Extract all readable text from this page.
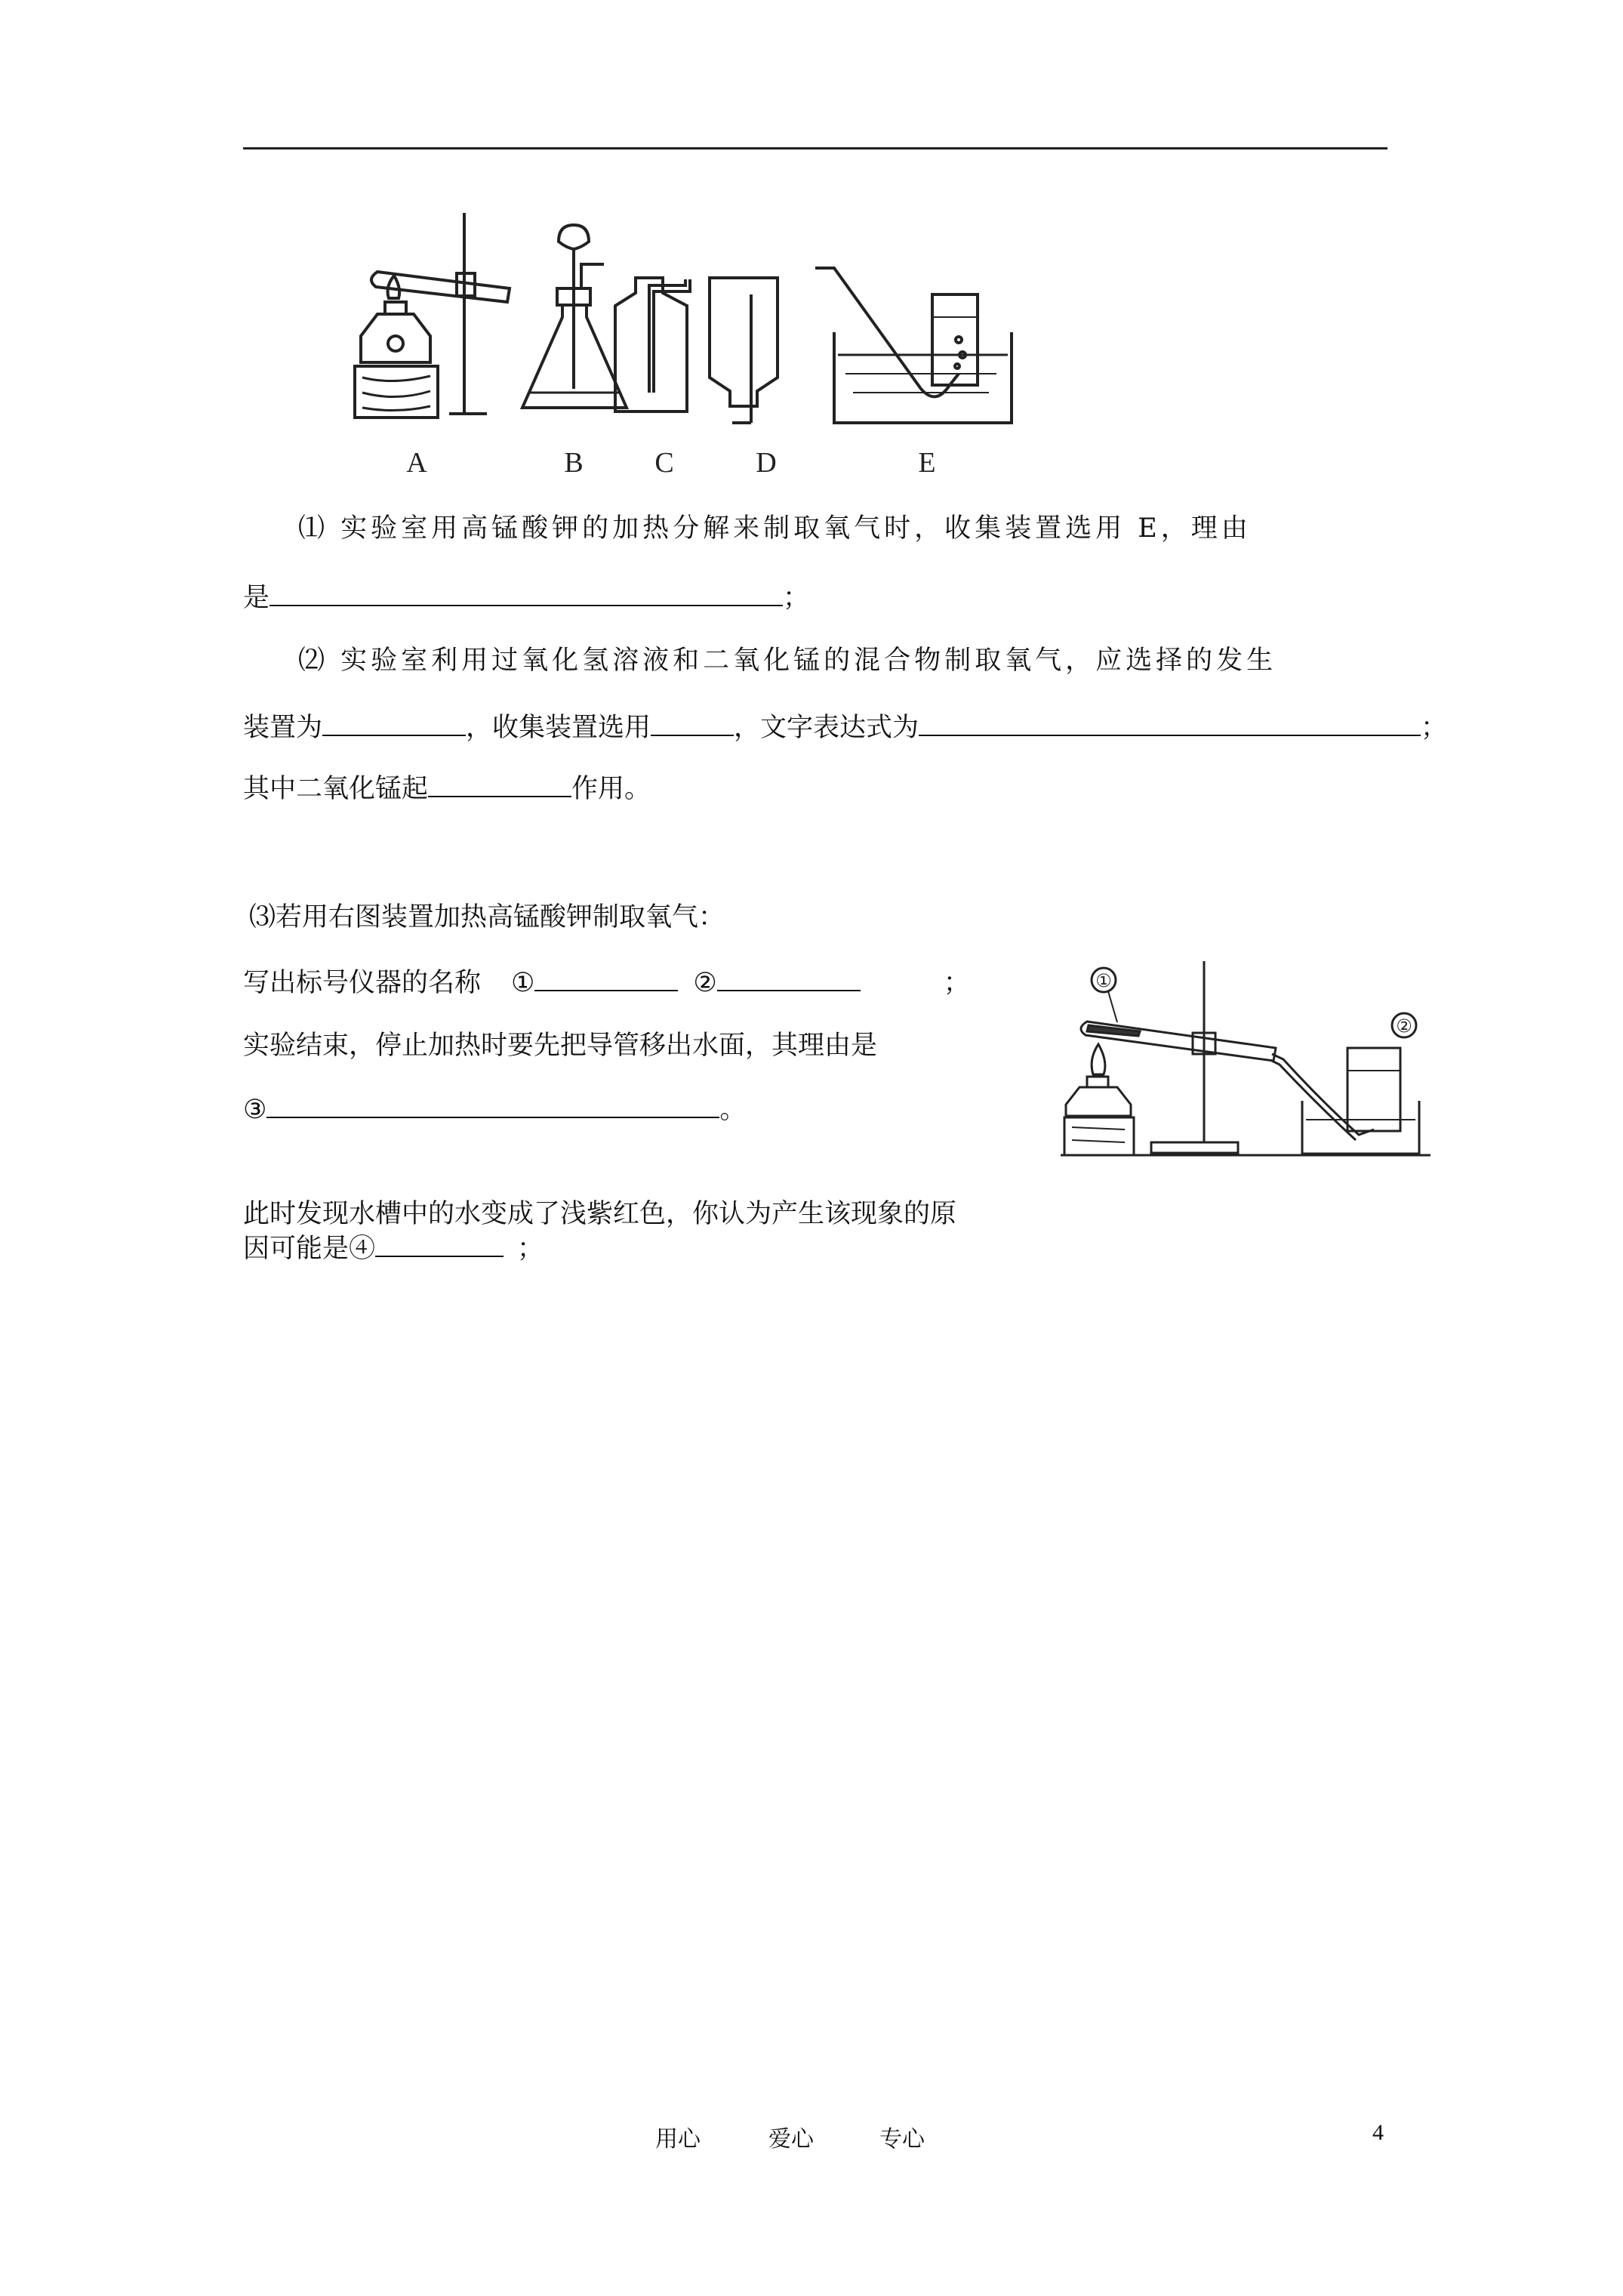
A	B C	D	E
⑴ 实验室用高锰酸钾的加热分解来制取氧气时，收集装置选用 E，理由
是	；
⑵ 实验室利用过氧化氢溶液和二氧化锰的混合物制取氧气，应选择的发生
装置为	，收集装置选用	，文字表达式为	；
其中二氧化锰起	作用。
⑶若用右图装置加热高锰酸钾制取氧气：
写出标号仪器的名称 ①	②	；
实验结束，停止加热时要先把导管移出水面，其理由是
③	。
此时发现水槽中的水变成了浅紫红色，你认为产生该现象的原
因可能是④	；
①
②
用心	爱心	专心	4
